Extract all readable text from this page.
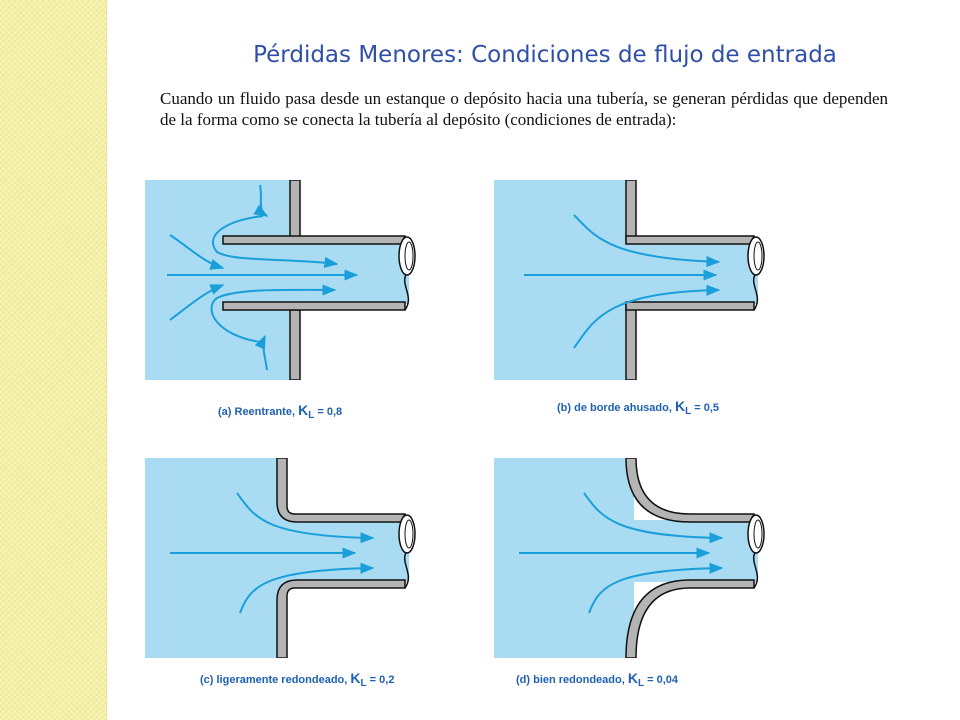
Pérdidas Menores: Condiciones de flujo de entrada

Cuando un fluido pasa desde un estanque o depósito hacia una tubería, se generan pérdidas que dependen de la forma como se conecta la tubería al depósito (condiciones de entrada):

(a) Reentrante, $K_L = 0,8$	(b) de borde ahusado, $K_L = 0,5$

(c) ligeramente redondeado, $K_L = 0,2$	(d) bien redondeado, $K_L = 0,04$
